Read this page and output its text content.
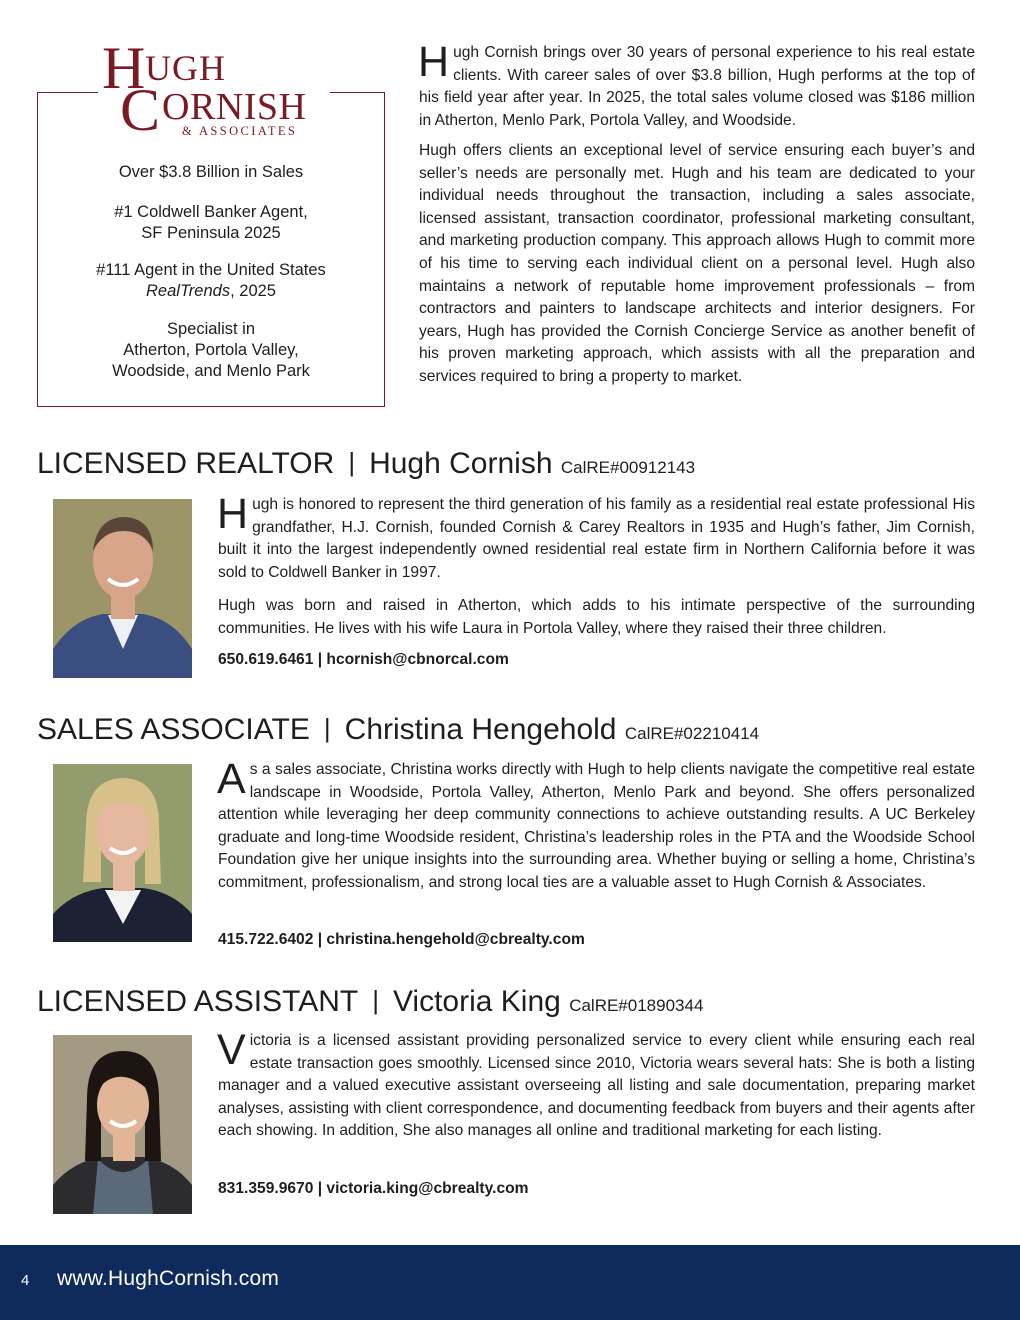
H UGH
C ORNISH
& ASSOCIATES
Over $3.8 Billion in Sales
#1 Coldwell Banker Agent,
SF Peninsula 2025
#111 Agent in the United States
RealTrends, 2025
Specialist in
Atherton, Portola Valley,
Woodside, and Menlo Park
Hugh Cornish brings over 30 years of personal experience to his real estate clients. With career sales of over $3.8 billion, Hugh performs at the top of his field year after year. In 2025, the total sales volume closed was $186 million in Atherton, Menlo Park, Portola Valley, and Woodside.
Hugh offers clients an exceptional level of service ensuring each buyer’s and seller’s needs are personally met. Hugh and his team are dedicated to your individual needs throughout the transaction, including a sales associate, licensed assistant, transaction coordinator, professional marketing consultant, and marketing production company. This approach allows Hugh to commit more of his time to serving each individual client on a personal level. Hugh also maintains a network of reputable home improvement professionals – from contractors and painters to landscape architects and interior designers. For years, Hugh has provided the Cornish Concierge Service as another benefit of his proven marketing approach, which assists with all the preparation and services required to bring a property to market.
LICENSED REALTOR | Hugh Cornish CalRE#00912143
Hugh is honored to represent the third generation of his family as a residential real estate professional His grandfather, H.J. Cornish, founded Cornish & Carey Realtors in 1935 and Hugh’s father, Jim Cornish, built it into the largest independently owned residential real estate firm in Northern California before it was sold to Coldwell Banker in 1997.
Hugh was born and raised in Atherton, which adds to his intimate perspective of the surrounding communities. He lives with his wife Laura in Portola Valley, where they raised their three children.
650.619.6461 | hcornish@cbnorcal.com
SALES ASSOCIATE | Christina Hengehold CalRE#02210414
As a sales associate, Christina works directly with Hugh to help clients navigate the competitive real estate landscape in Woodside, Portola Valley, Atherton, Menlo Park and beyond. She offers personalized attention while leveraging her deep community connections to achieve outstanding results. A UC Berkeley graduate and long-time Woodside resident, Christina’s leadership roles in the PTA and the Woodside School Foundation give her unique insights into the surrounding area. Whether buying or selling a home, Christina’s commitment, professionalism, and strong local ties are a valuable asset to Hugh Cornish & Associates.
415.722.6402 | christina.hengehold@cbrealty.com
LICENSED ASSISTANT | Victoria King CalRE#01890344
Victoria is a licensed assistant providing personalized service to every client while ensuring each real estate transaction goes smoothly. Licensed since 2010, Victoria wears several hats: She is both a listing manager and a valued executive assistant overseeing all listing and sale documentation, preparing market analyses, assisting with client correspondence, and documenting feedback from buyers and their agents after each showing. In addition, She also manages all online and traditional marketing for each listing.
831.359.9670 | victoria.king@cbrealty.com
4 www.HughCornish.com
